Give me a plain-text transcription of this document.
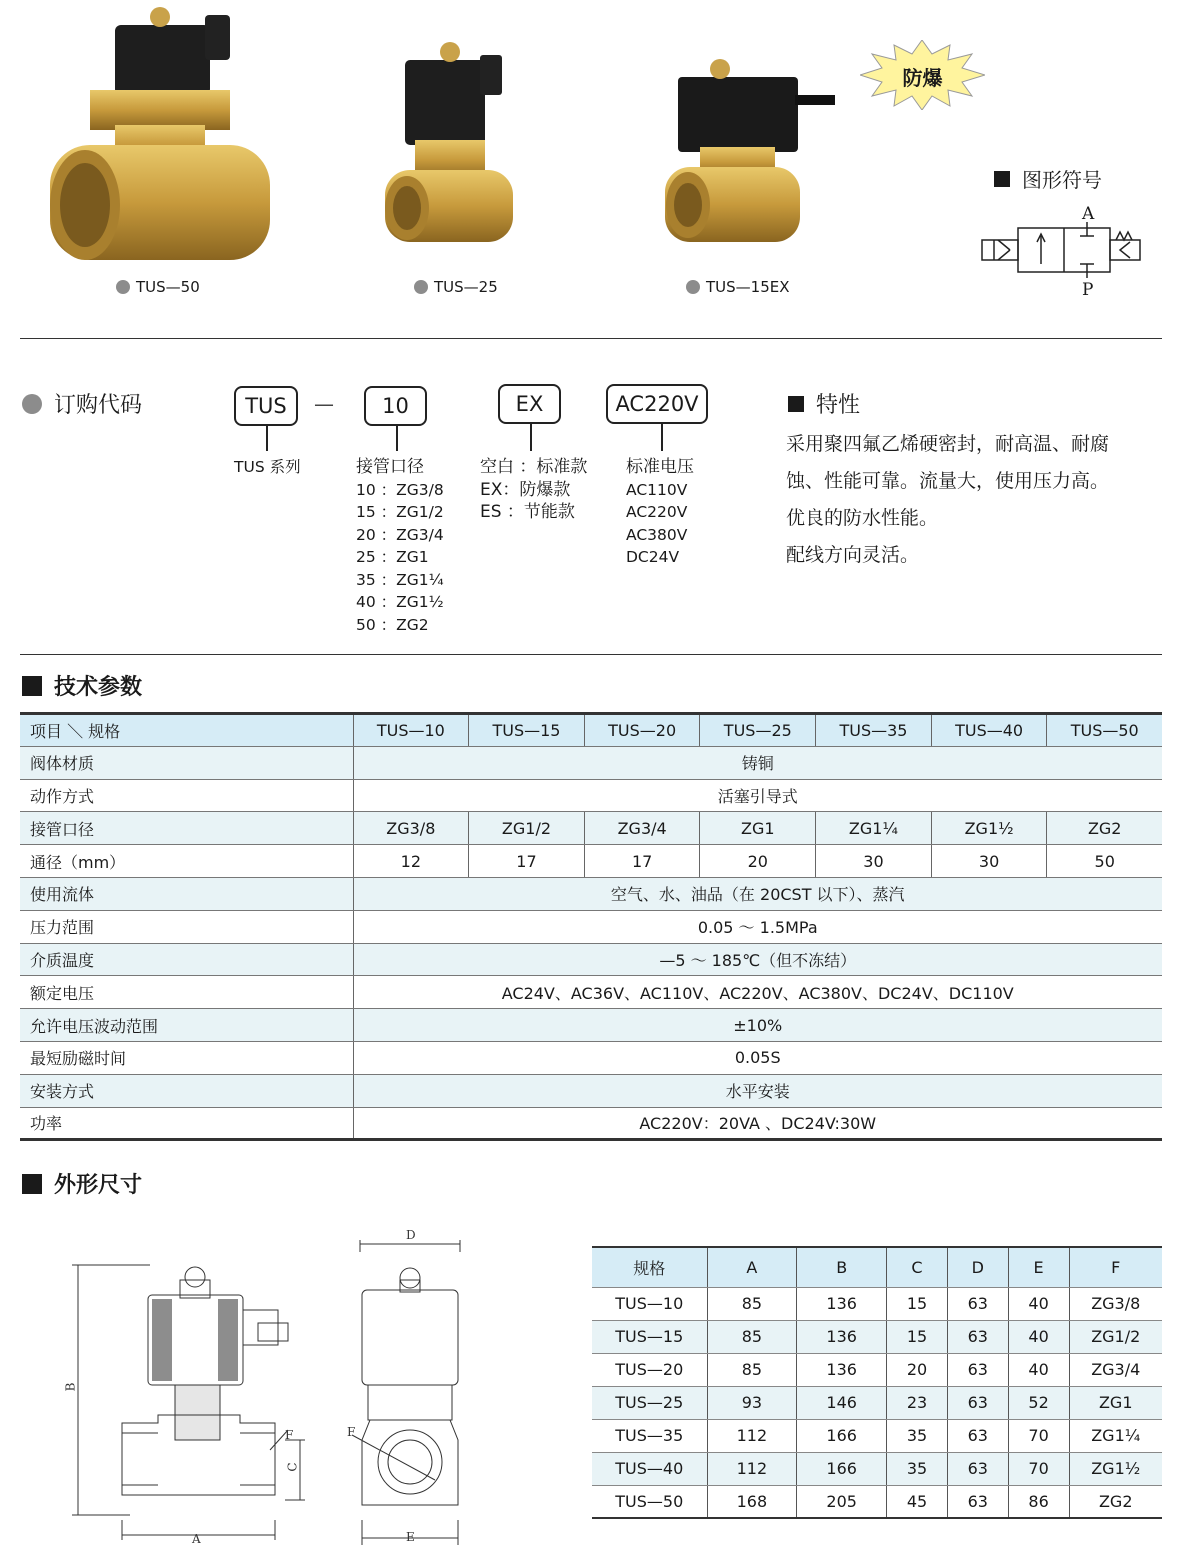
TUS—50	TUS—25	TUS—15EX
防爆
图形符号
A
P
订购代码	TUS	—	10	EX	AC220V
TUS 系列	接管口径
10 ：ZG3/8
15 ：ZG1/2
20 ：ZG3/4
25 ：ZG1
35 ：ZG1¼
40 ：ZG1½
50 ：ZG2
空白 ：标准款
EX：防爆款
ES ：节能款
标准电压
AC110V
AC220V
AC380V
DC24V
特性
采用聚四氟乙烯硬密封，耐高温、耐腐
蚀、性能可靠。流量大，使用压力高。
优良的防水性能。
配线方向灵活。
技术参数
项目 ＼ 规格	TUS—10	TUS—15	TUS—20	TUS—25	TUS—35	TUS—40	TUS—50
阀体材质	铸铜						
动作方式	活塞引导式						
接管口径	ZG3/8	ZG1/2	ZG3/4	ZG1	ZG1¼	ZG1½	ZG2
通径（mm）	12	17	17	20	30	30	50
使用流体	空气、水、油品（在 20CST 以下）、蒸汽						
压力范围	0.05 ～ 1.5MPa						
介质温度	—5 ～ 185℃（但不冻结）						
额定电压	AC24V、AC36V、AC110V、AC220V、AC380V、DC24V、DC110V						
允许电压波动范围	±10%						
最短励磁时间	0.05S						
安装方式	水平安装						
功率	AC220V：20VA 、DC24V:30W						
外形尺寸
B
A
C
F
D
F
E
规格	A	B	C	D	E	F
TUS—10	85	136	15	63	40	ZG3/8
TUS—15	85	136	15	63	40	ZG1/2
TUS—20	85	136	20	63	40	ZG3/4
TUS—25	93	146	23	63	52	ZG1
TUS—35	112	166	35	63	70	ZG1¼
TUS—40	112	166	35	63	70	ZG1½
TUS—50	168	205	45	63	86	ZG2
